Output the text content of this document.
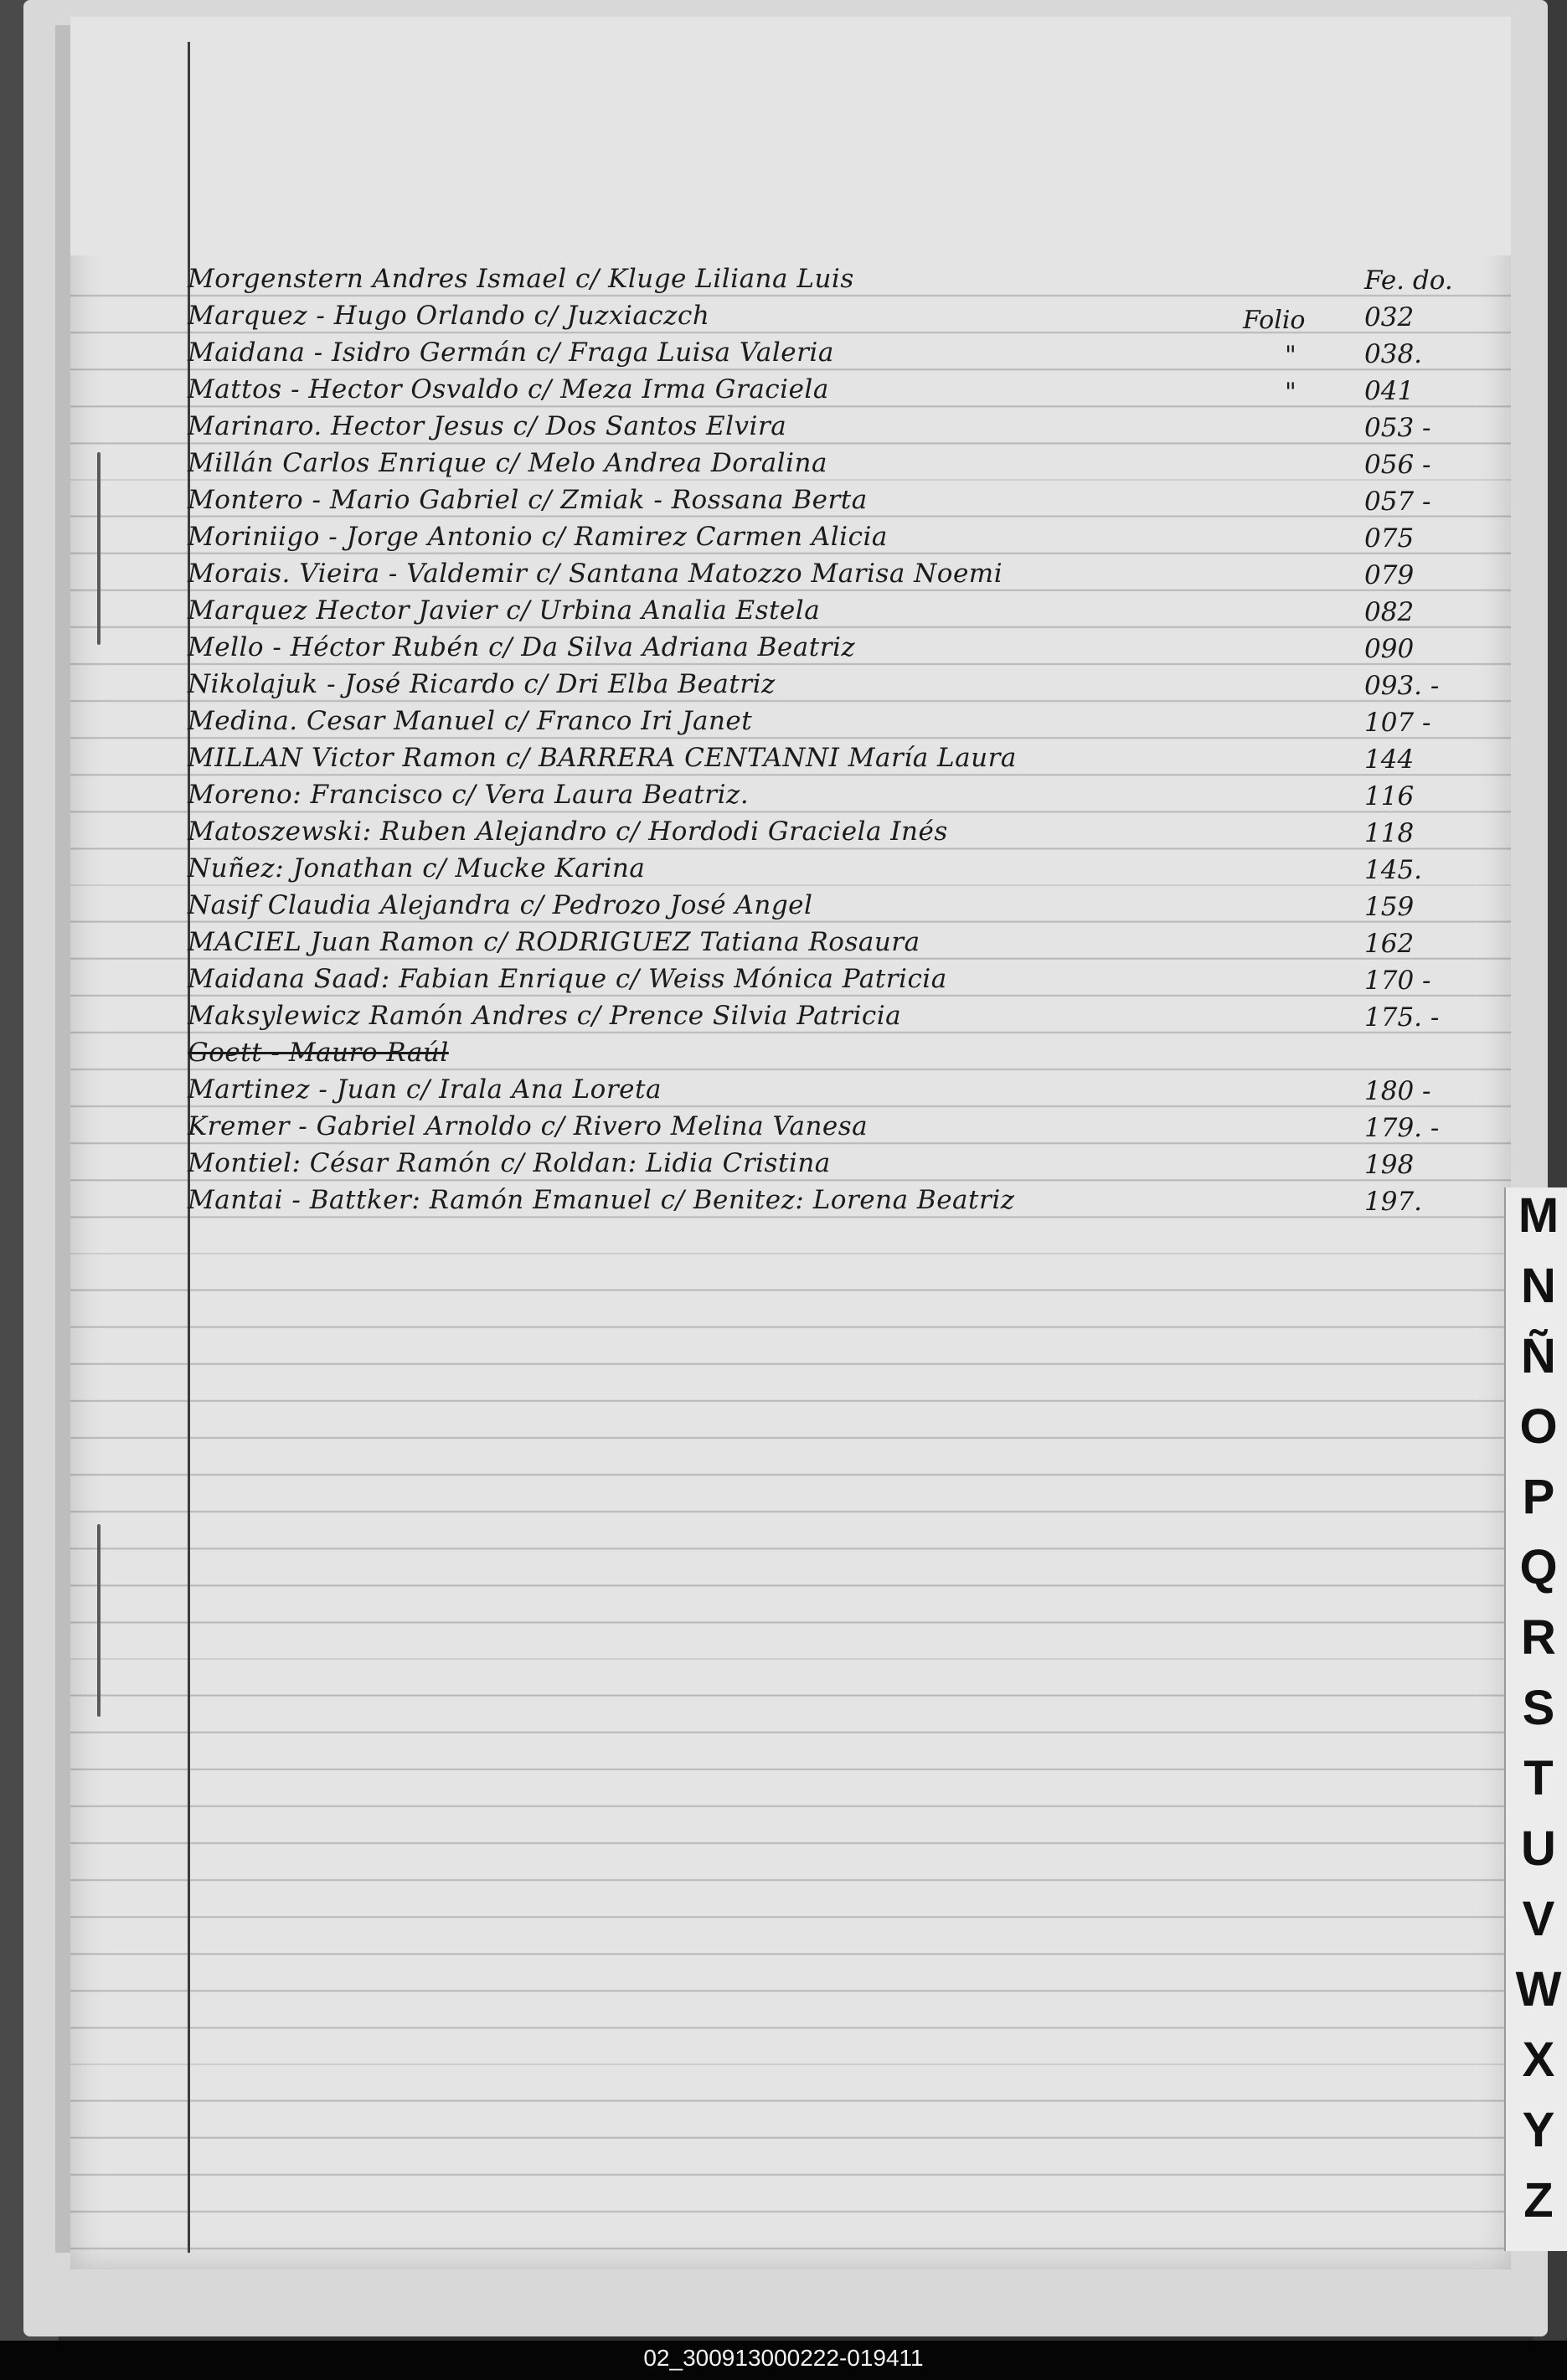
Morgenstern Andres Ismael c/ Kluge Liliana Luis	Fe. do.
Marquez - Hugo Orlando c/ Juzxiaczch	Folio 032
Maidana - Isidro Germán c/ Fraga Luisa Valeria	"	038.
Mattos - Hector Osvaldo c/ Meza Irma Graciela	"	041
Marinaro. Hector Jesus c/ Dos Santos Elvira	053 -
Millán Carlos Enrique c/ Melo Andrea Doralina	056 -
Montero - Mario Gabriel c/ Zmiak - Rossana Berta	057 -
Moriniigo - Jorge Antonio c/ Ramirez Carmen Alicia	075
Morais. Vieira - Valdemir c/ Santana Matozzo Marisa Noemi	079
Marquez Hector Javier c/ Urbina Analia Estela	082
Mello - Héctor Rubén c/ Da Silva Adriana Beatriz	090
Nikolajuk - José Ricardo c/ Dri Elba Beatriz	093. -
Medina. Cesar Manuel c/ Franco Iri Janet	107 -
MILLAN Victor Ramon c/ BARRERA CENTANNI María Laura	144
Moreno: Francisco c/ Vera Laura Beatriz.	116
Matoszewski: Ruben Alejandro c/ Hordodi Graciela Inés	118
Nuñez: Jonathan c/ Mucke Karina	145.
Nasif Claudia Alejandra c/ Pedrozo José Angel	159
MACIEL Juan Ramon c/ RODRIGUEZ Tatiana Rosaura	162
Maidana Saad: Fabian Enrique c/ Weiss Mónica Patricia	170 -
Maksylewicz Ramón Andres c/ Prence Silvia Patricia	175. -
Goett - Mauro Raúl
Martinez - Juan c/ Irala Ana Loreta	180 -
Kremer - Gabriel Arnoldo c/ Rivero Melina Vanesa	179. -
Montiel: César Ramón c/ Roldan: Lidia Cristina	198
Mantai - Battker: Ramón Emanuel c/ Benitez: Lorena Beatriz	197. M
N
Ñ
O
P
Q
R
S
T
U
V
W
X
Y
Z
02_300913000222-019411
